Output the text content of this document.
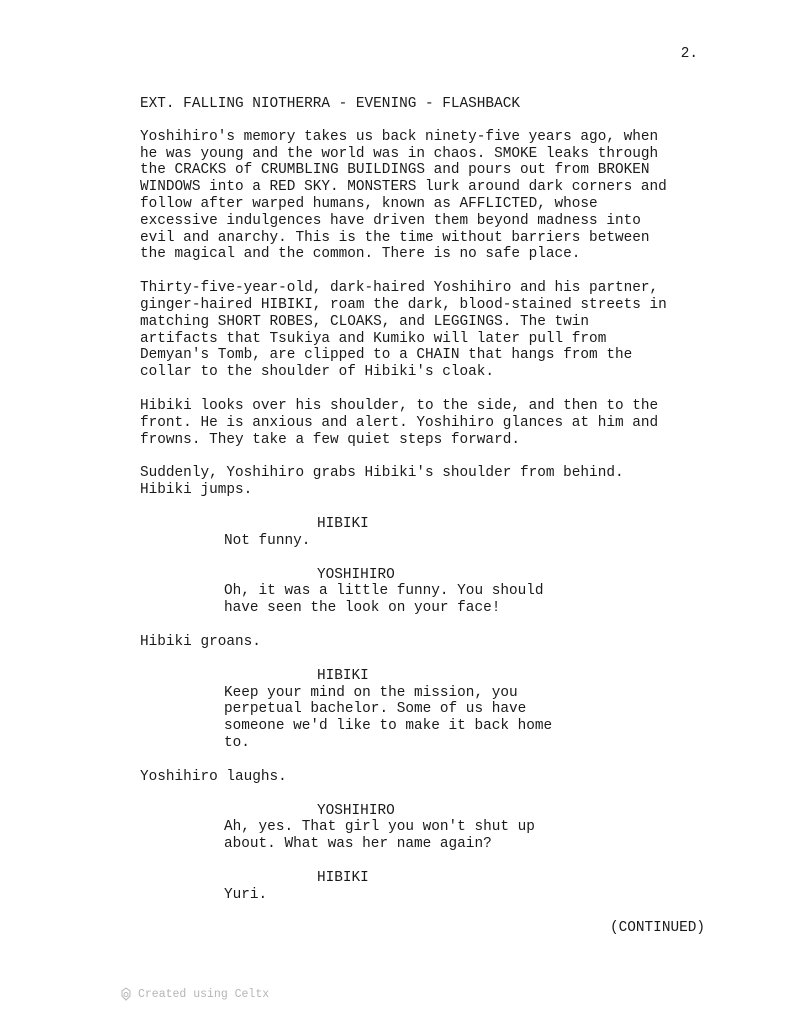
2.

EXT. FALLING NIOTHERRA - EVENING - FLASHBACK

Yoshihiro's memory takes us back ninety-five years ago, when
he was young and the world was in chaos. SMOKE leaks through
the CRACKS of CRUMBLING BUILDINGS and pours out from BROKEN
WINDOWS into a RED SKY. MONSTERS lurk around dark corners and
follow after warped humans, known as AFFLICTED, whose
excessive indulgences have driven them beyond madness into
evil and anarchy. This is the time without barriers between
the magical and the common. There is no safe place.

Thirty-five-year-old, dark-haired Yoshihiro and his partner,
ginger-haired HIBIKI, roam the dark, blood-stained streets in
matching SHORT ROBES, CLOAKS, and LEGGINGS. The twin
artifacts that Tsukiya and Kumiko will later pull from
Demyan's Tomb, are clipped to a CHAIN that hangs from the
collar to the shoulder of Hibiki's cloak.

Hibiki looks over his shoulder, to the side, and then to the
front. He is anxious and alert. Yoshihiro glances at him and
frowns. They take a few quiet steps forward.

Suddenly, Yoshihiro grabs Hibiki's shoulder from behind.
Hibiki jumps.

HIBIKI
Not funny.
YOSHIHIRO
Oh, it was a little funny. You should
have seen the look on your face!

Hibiki groans.

HIBIKI
Keep your mind on the mission, you
perpetual bachelor. Some of us have
someone we'd like to make it back home
to.

Yoshihiro laughs.

YOSHIHIRO
Ah, yes. That girl you won't shut up
about. What was her name again?
HIBIKI
Yuri.
(CONTINUED)
Created using Celtx
